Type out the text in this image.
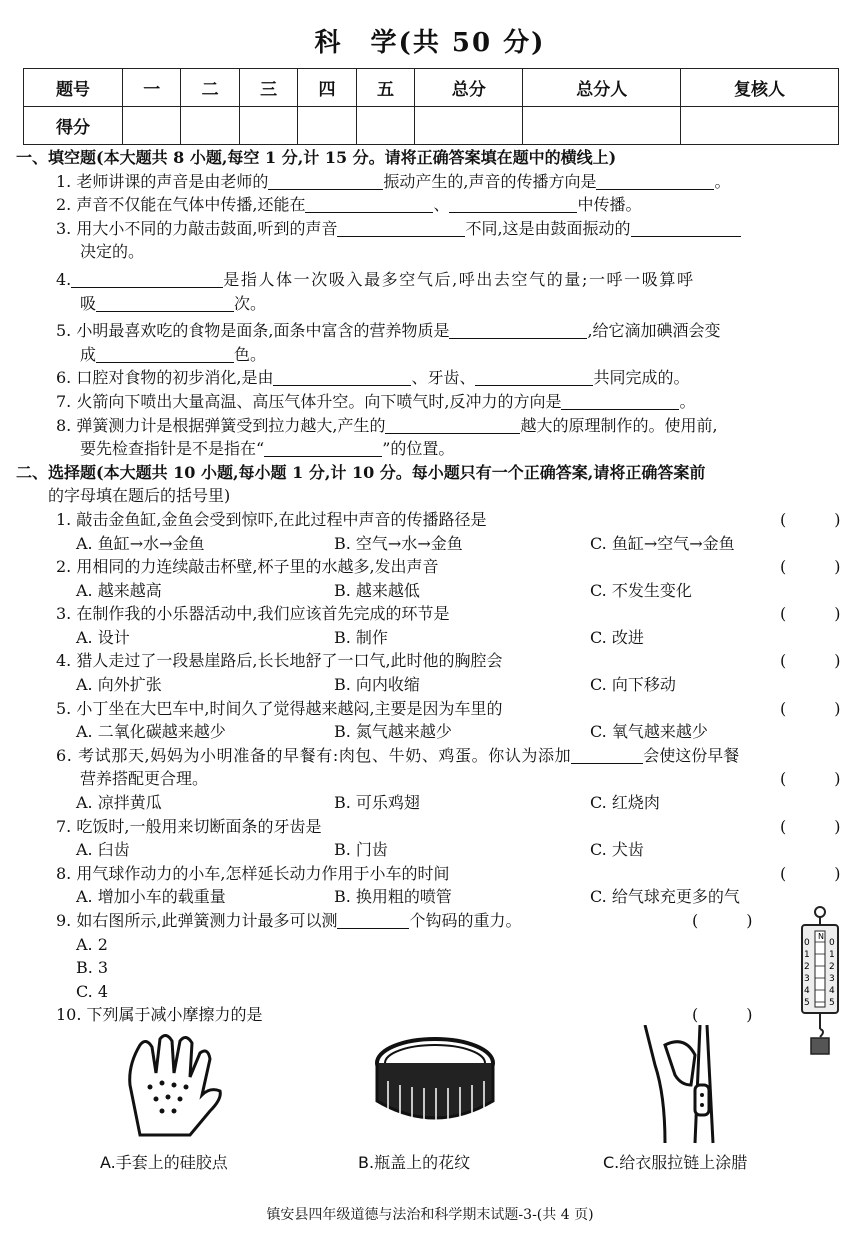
科　学(共 50 分)
题号	一	二	三	四	五	总分	总分人	复核人
得分								
一、填空题(本大题共 8 小题,每空 1 分,计 15 分。请将正确答案填在题中的横线上)
1. 老师讲课的声音是由老师的	振动产生的,声音的传播方向是	。
2. 声音不仅能在气体中传播,还能在	、	中传播。
3. 用大小不同的力敲击鼓面,听到的声音	不同,这是由鼓面振动的
决定的。
4.	是指人体一次吸入最多空气后,呼出去空气的量;一呼一吸算呼
吸	次。
5. 小明最喜欢吃的食物是面条,面条中富含的营养物质是	,给它滴加碘酒会变
成	色。
6. 口腔对食物的初步消化,是由	、牙齿、	共同完成的。
7. 火箭向下喷出大量高温、高压气体升空。向下喷气时,反冲力的方向是	。
8. 弹簧测力计是根据弹簧受到拉力越大,产生的	越大的原理制作的。使用前,
要先检查指针是不是指在“	”的位置。
二、选择题(本大题共 10 小题,每小题 1 分,计 10 分。每小题只有一个正确答案,请将正确答案前
的字母填在题后的括号里)
1. 敲击金鱼缸,金鱼会受到惊吓,在此过程中声音的传播路径是	(　　　)
A. 鱼缸→水→金鱼	B. 空气→水→金鱼	C. 鱼缸→空气→金鱼
2. 用相同的力连续敲击杯壁,杯子里的水越多,发出声音	(　　　)
A. 越来越高	B. 越来越低	C. 不发生变化
3. 在制作我的小乐器活动中,我们应该首先完成的环节是	(　　　)
A. 设计	B. 制作	C. 改进
4. 猎人走过了一段悬崖路后,长长地舒了一口气,此时他的胸腔会	(　　　)
A. 向外扩张	B. 向内收缩	C. 向下移动
5. 小丁坐在大巴车中,时间久了觉得越来越闷,主要是因为车里的	(　　　)
A. 二氧化碳越来越少	B. 氮气越来越少	C. 氧气越来越少
6. 考试那天,妈妈为小明准备的早餐有:肉包、牛奶、鸡蛋。你认为添加	会使这份早餐
营养搭配更合理。	(　　　)
A. 凉拌黄瓜	B. 可乐鸡翅	C. 红烧肉
7. 吃饭时,一般用来切断面条的牙齿是	(　　　)
A. 臼齿	B. 门齿	C. 犬齿
8. 用气球作动力的小车,怎样延长动力作用于小车的时间	(　　　)
A. 增加小车的载重量	B. 换用粗的喷管	C. 给气球充更多的气
9. 如右图所示,此弹簧测力计最多可以测	个钩码的重力。	(　　　)
A. 2
B. 3
C. 4
10. 下列属于减小摩擦力的是	(　　　)
N
0
1
2
3
4
5
0
1
2
3
4
5
A.手套上的硅胶点	B.瓶盖上的花纹	C.给衣服拉链上涂腊
镇安县四年级道德与法治和科学期末试题-3-(共 4 页)
